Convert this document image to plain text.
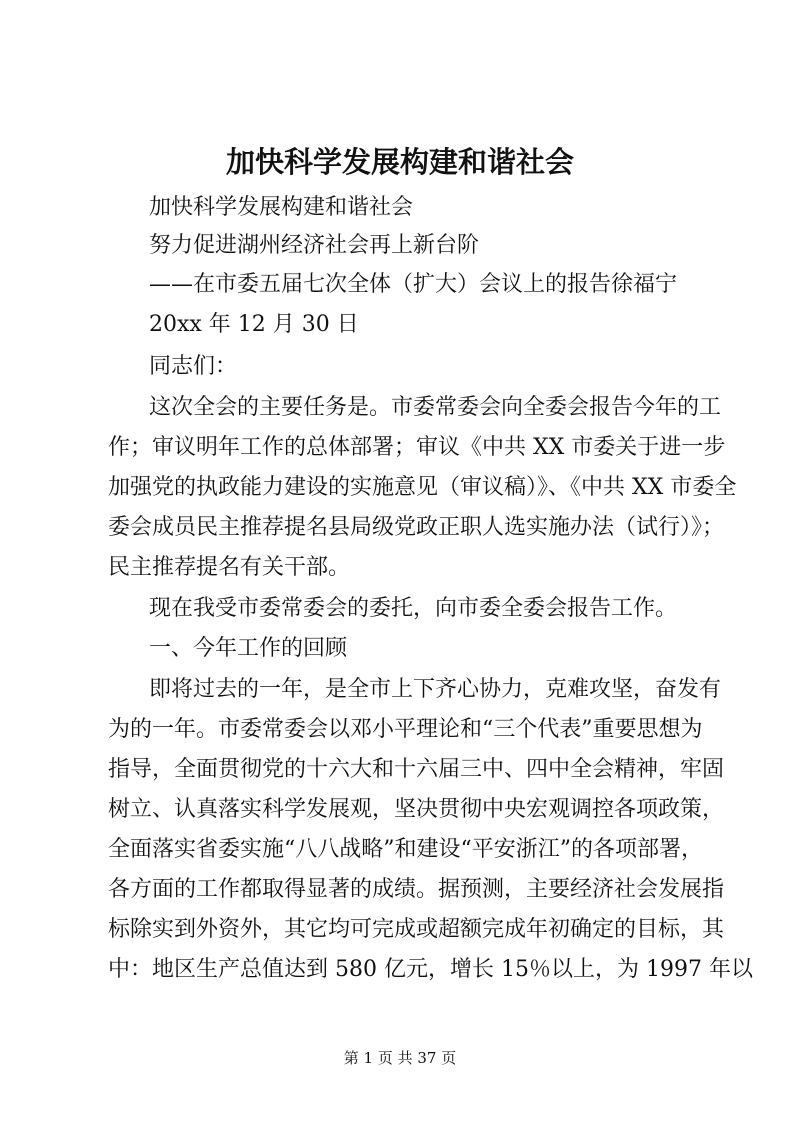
加快科学发展构建和谐社会
加快科学发展构建和谐社会
努力促进湖州经济社会再上新台阶
——在市委五届七次全体（扩大）会议上的报告徐福宁
20xx 年 12 月 30 日
同志们：
这次全会的主要任务是。市委常委会向全委会报告今年的工
作；审议明年工作的总体部署；审议《中共 XX 市委关于进一步
加强党的执政能力建设的实施意见（审议稿）》、《中共 XX 市委全
委会成员民主推荐提名县局级党政正职人选实施办法（试行）》；
民主推荐提名有关干部。
现在我受市委常委会的委托，向市委全委会报告工作。
一、今年工作的回顾
即将过去的一年，是全市上下齐心协力，克难攻坚，奋发有
为的一年。市委常委会以邓小平理论和“三个代表”重要思想为
指导，全面贯彻党的十六大和十六届三中、四中全会精神，牢固
树立、认真落实科学发展观，坚决贯彻中央宏观调控各项政策，
全面落实省委实施“八八战略”和建设“平安浙江”的各项部署，
各方面的工作都取得显著的成绩。据预测，主要经济社会发展指
标除实到外资外，其它均可完成或超额完成年初确定的目标，其
中：地区生产总值达到 580 亿元，增长 15％以上，为 1997 年以
第 1 页 共 37 页
